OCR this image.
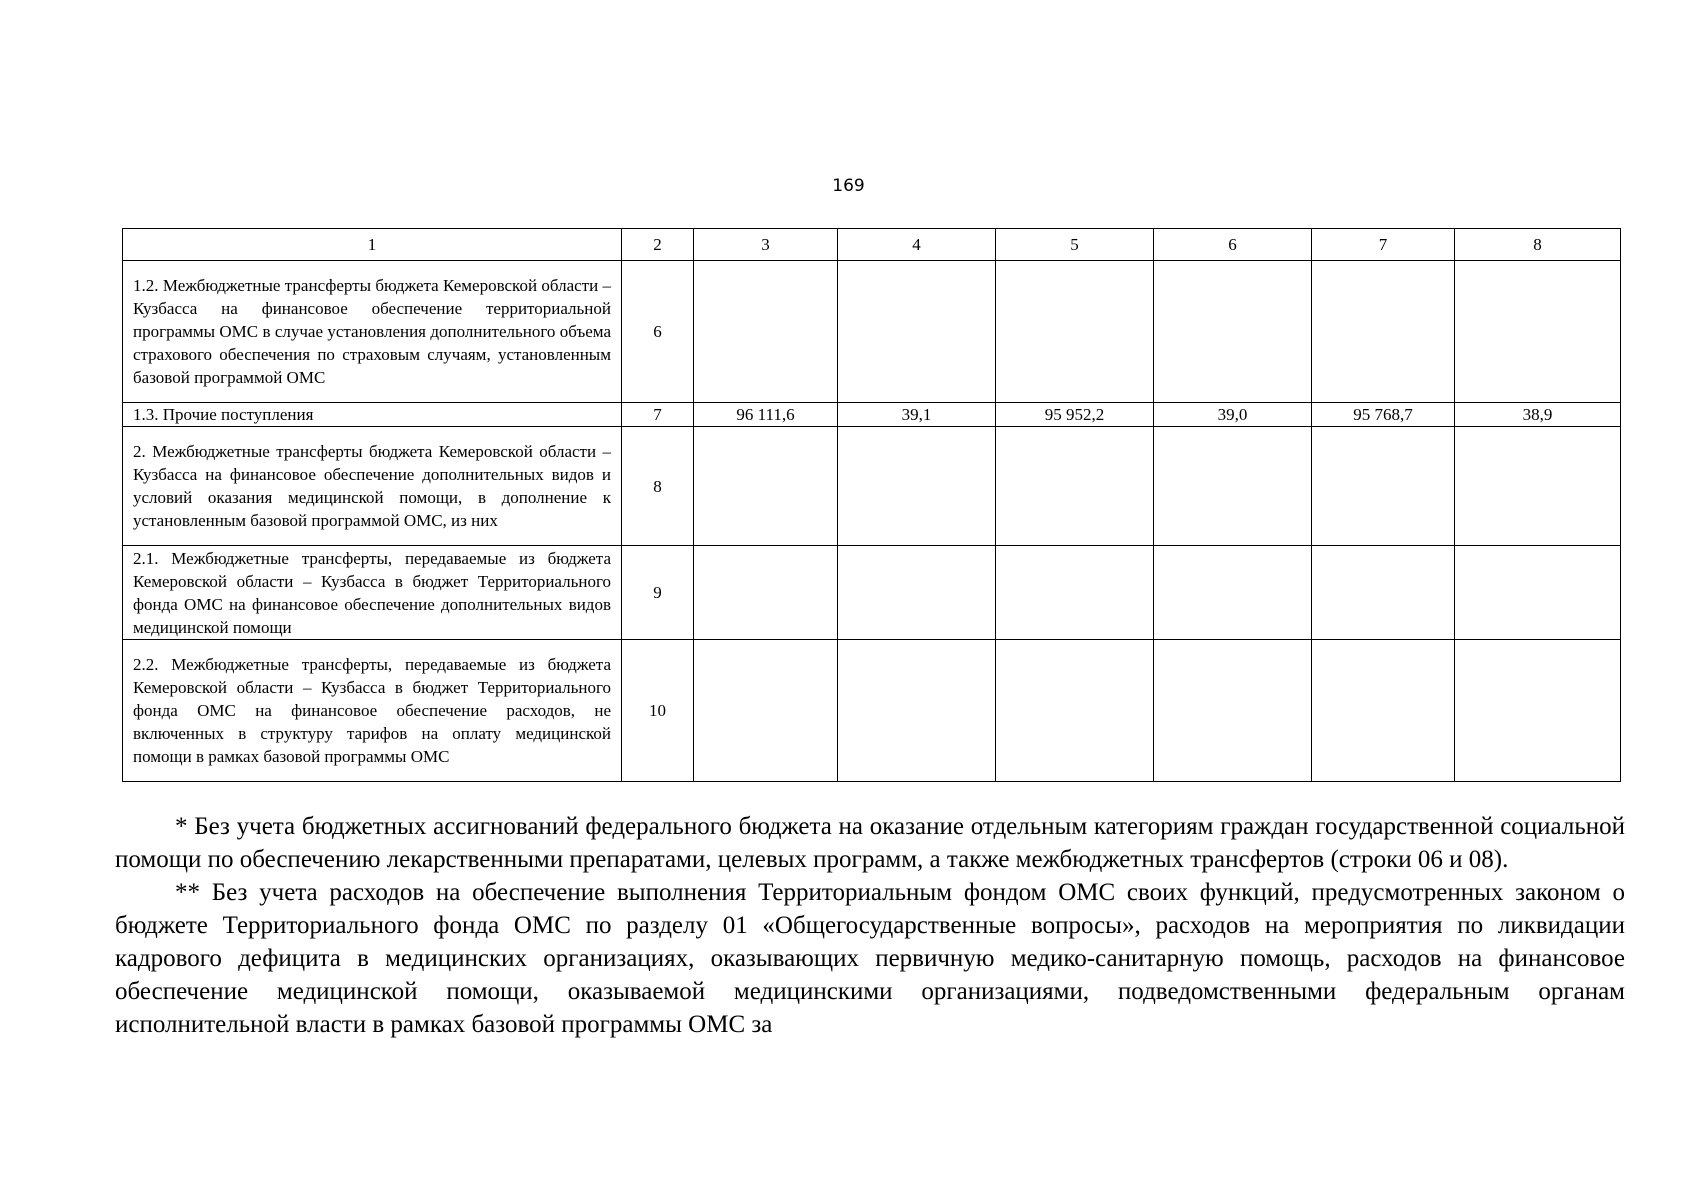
169
1	2	3	4	5	6	7	8
1.2. Межбюджетные трансферты бюджета Кемеровской области – Кузбасса на финансовое обеспечение территориальной программы ОМС в случае установления дополнительного объема страхового обеспечения по страховым случаям, установленным базовой программой ОМС	6						
1.3. Прочие поступления	7	96 111,6	39,1	95 952,2	39,0	95 768,7	38,9
2. Межбюджетные трансферты бюджета Кемеровской области – Кузбасса на финансовое обеспечение дополнительных видов и условий оказания медицинской помощи, в дополнение к установленным базовой программой ОМС, из них	8						
2.1. Межбюджетные трансферты, передаваемые из бюджета Кемеровской области – Кузбасса в бюджет Территориального фонда ОМС на финансовое обеспечение дополнительных видов медицинской помощи	9						
2.2. Межбюджетные трансферты, передаваемые из бюджета Кемеровской области – Кузбасса в бюджет Территориального фонда ОМС на финансовое обеспечение расходов, не включенных в структуру тарифов на оплату медицинской помощи в рамках базовой программы ОМС	10						

* Без учета бюджетных ассигнований федерального бюджета на оказание отдельным категориям граждан государственной социальной помощи по обеспечению лекарственными препаратами, целевых программ, а также межбюджетных трансфертов (строки 06 и 08).

** Без учета расходов на обеспечение выполнения Территориальным фондом ОМС своих функций, предусмотренных законом о бюджете Территориального фонда ОМС по разделу 01 «Общегосударственные вопросы», расходов на мероприятия по ликвидации кадрового дефицита в медицинских организациях, оказывающих первичную медико-санитарную помощь, расходов на финансовое обеспечение медицинской помощи, оказываемой медицинскими организациями, подведомственными федеральным органам исполнительной власти в рамках базовой программы ОМС за
